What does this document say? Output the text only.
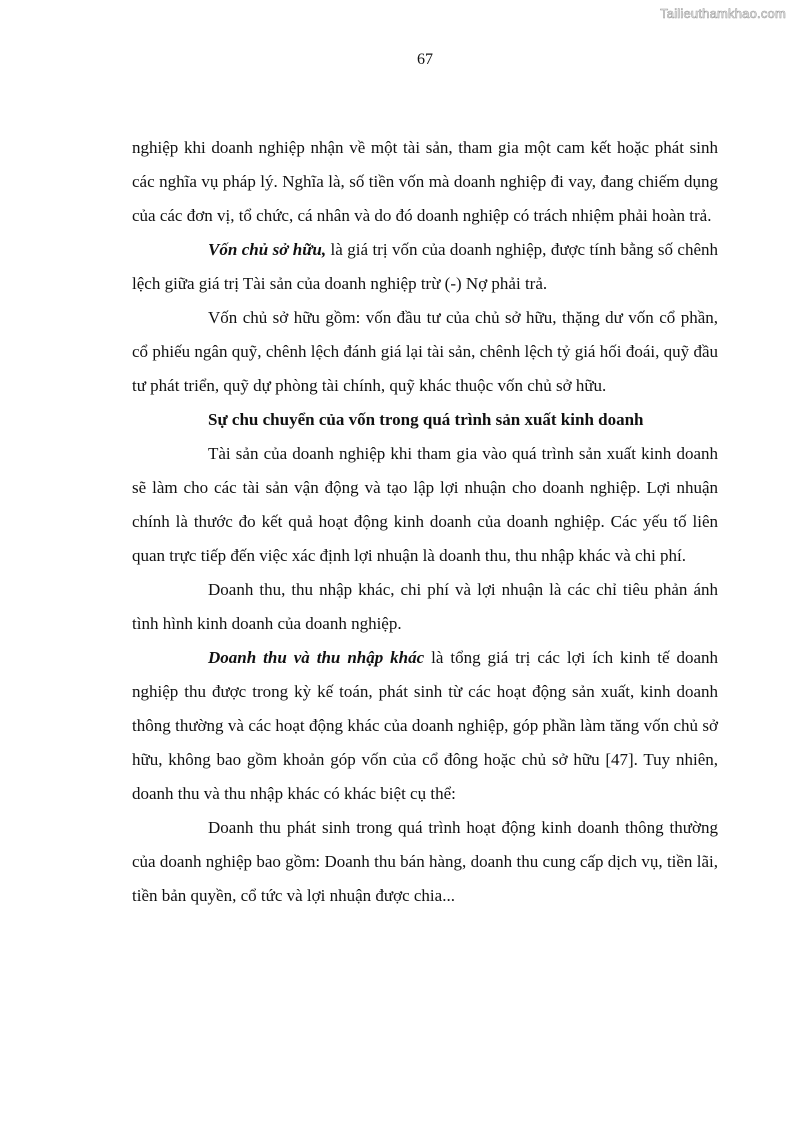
Tailieuthamkhao.com
67

nghiệp khi doanh nghiệp nhận về một tài sản, tham gia một cam kết hoặc phát sinh các nghĩa vụ pháp lý. Nghĩa là, số tiền vốn mà doanh nghiệp đi vay, đang chiếm dụng của các đơn vị, tổ chức, cá nhân và do đó doanh nghiệp có trách nhiệm phải hoàn trả.

Vốn chủ sở hữu, là giá trị vốn của doanh nghiệp, được tính bằng số chênh lệch giữa giá trị Tài sản của doanh nghiệp trừ (-) Nợ phải trả.

Vốn chủ sở hữu gồm: vốn đầu tư của chủ sở hữu, thặng dư vốn cổ phần, cổ phiếu ngân quỹ, chênh lệch đánh giá lại tài sản, chênh lệch tỷ giá hối đoái, quỹ đầu tư phát triển, quỹ dự phòng tài chính, quỹ khác thuộc vốn chủ sở hữu.

Sự chu chuyển của vốn trong quá trình sản xuất kinh doanh

Tài sản của doanh nghiệp khi tham gia vào quá trình sản xuất kinh doanh sẽ làm cho các tài sản vận động và tạo lập lợi nhuận cho doanh nghiệp. Lợi nhuận chính là thước đo kết quả hoạt động kinh doanh của doanh nghiệp. Các yếu tố liên quan trực tiếp đến việc xác định lợi nhuận là doanh thu, thu nhập khác và chi phí.

Doanh thu, thu nhập khác, chi phí và lợi nhuận là các chỉ tiêu phản ánh tình hình kinh doanh của doanh nghiệp.

Doanh thu và thu nhập khác là tổng giá trị các lợi ích kinh tế doanh nghiệp thu được trong kỳ kế toán, phát sinh từ các hoạt động sản xuất, kinh doanh thông thường và các hoạt động khác của doanh nghiệp, góp phần làm tăng vốn chủ sở hữu, không bao gồm khoản góp vốn của cổ đông hoặc chủ sở hữu [47]. Tuy nhiên, doanh thu và thu nhập khác có khác biệt cụ thể:

Doanh thu phát sinh trong quá trình hoạt động kinh doanh thông thường của doanh nghiệp bao gồm: Doanh thu bán hàng, doanh thu cung cấp dịch vụ, tiền lãi, tiền bản quyền, cổ tức và lợi nhuận được chia...
